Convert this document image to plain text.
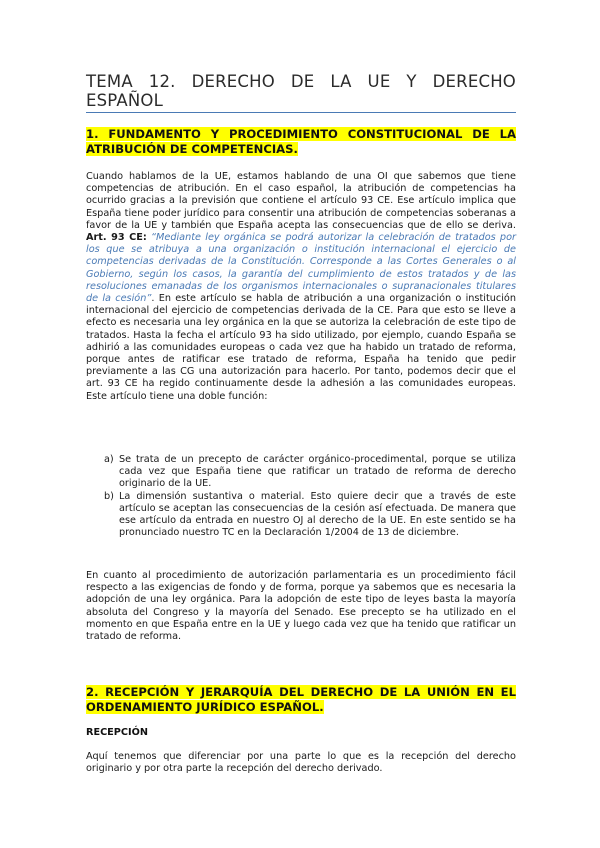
TEMA 12. DERECHO DE LA UE Y DERECHO ESPAÑOL
1. FUNDAMENTO Y PROCEDIMIENTO CONSTITUCIONAL DE LA ATRIBUCIÓN DE COMPETENCIAS.

Cuando hablamos de la UE, estamos hablando de una OI que sabemos que tiene competencias de atribución. En el caso español, la atribución de competencias ha ocurrido gracias a la previsión que contiene el artículo 93 CE. Ese artículo implica que España tiene poder jurídico para consentir una atribución de competencias soberanas a favor de la UE y también que España acepta las consecuencias que de ello se deriva. Art. 93 CE: “Mediante ley orgánica se podrá autorizar la celebración de tratados por los que se atribuya a una organización o institución internacional el ejercicio de competencias derivadas de la Constitución. Corresponde a las Cortes Generales o al Gobierno, según los casos, la garantía del cumplimiento de estos tratados y de las resoluciones emanadas de los organismos internacionales o supranacionales titulares de la cesión”. En este artículo se habla de atribución a una organización o institución internacional del ejercicio de competencias derivada de la CE. Para que esto se lleve a efecto es necesaria una ley orgánica en la que se autoriza la celebración de este tipo de tratados. Hasta la fecha el artículo 93 ha sido utilizado, por ejemplo, cuando España se adhirió a las comunidades europeas o cada vez que ha habido un tratado de reforma, porque antes de ratificar ese tratado de reforma, España ha tenido que pedir previamente a las CG una autorización para hacerlo. Por tanto, podemos decir que el art. 93 CE ha regido continuamente desde la adhesión a las comunidades europeas. Este artículo tiene una doble función:

a) Se trata de un precepto de carácter orgánico-procedimental, porque se utiliza cada vez que España tiene que ratificar un tratado de reforma de derecho originario de la UE.
b) La dimensión sustantiva o material. Esto quiere decir que a través de este artículo se aceptan las consecuencias de la cesión así efectuada. De manera que ese artículo da entrada en nuestro OJ al derecho de la UE. En este sentido se ha pronunciado nuestro TC en la Declaración 1/2004 de 13 de diciembre.

En cuanto al procedimiento de autorización parlamentaria es un procedimiento fácil respecto a las exigencias de fondo y de forma, porque ya sabemos que es necesaria la adopción de una ley orgánica. Para la adopción de este tipo de leyes basta la mayoría absoluta del Congreso y la mayoría del Senado. Ese precepto se ha utilizado en el momento en que España entre en la UE y luego cada vez que ha tenido que ratificar un tratado de reforma.

2. RECEPCIÓN Y JERARQUÍA DEL DERECHO DE LA UNIÓN EN EL ORDENAMIENTO JURÍDICO ESPAÑOL.
RECEPCIÓN

Aquí tenemos que diferenciar por una parte lo que es la recepción del derecho originario y por otra parte la recepción del derecho derivado.
